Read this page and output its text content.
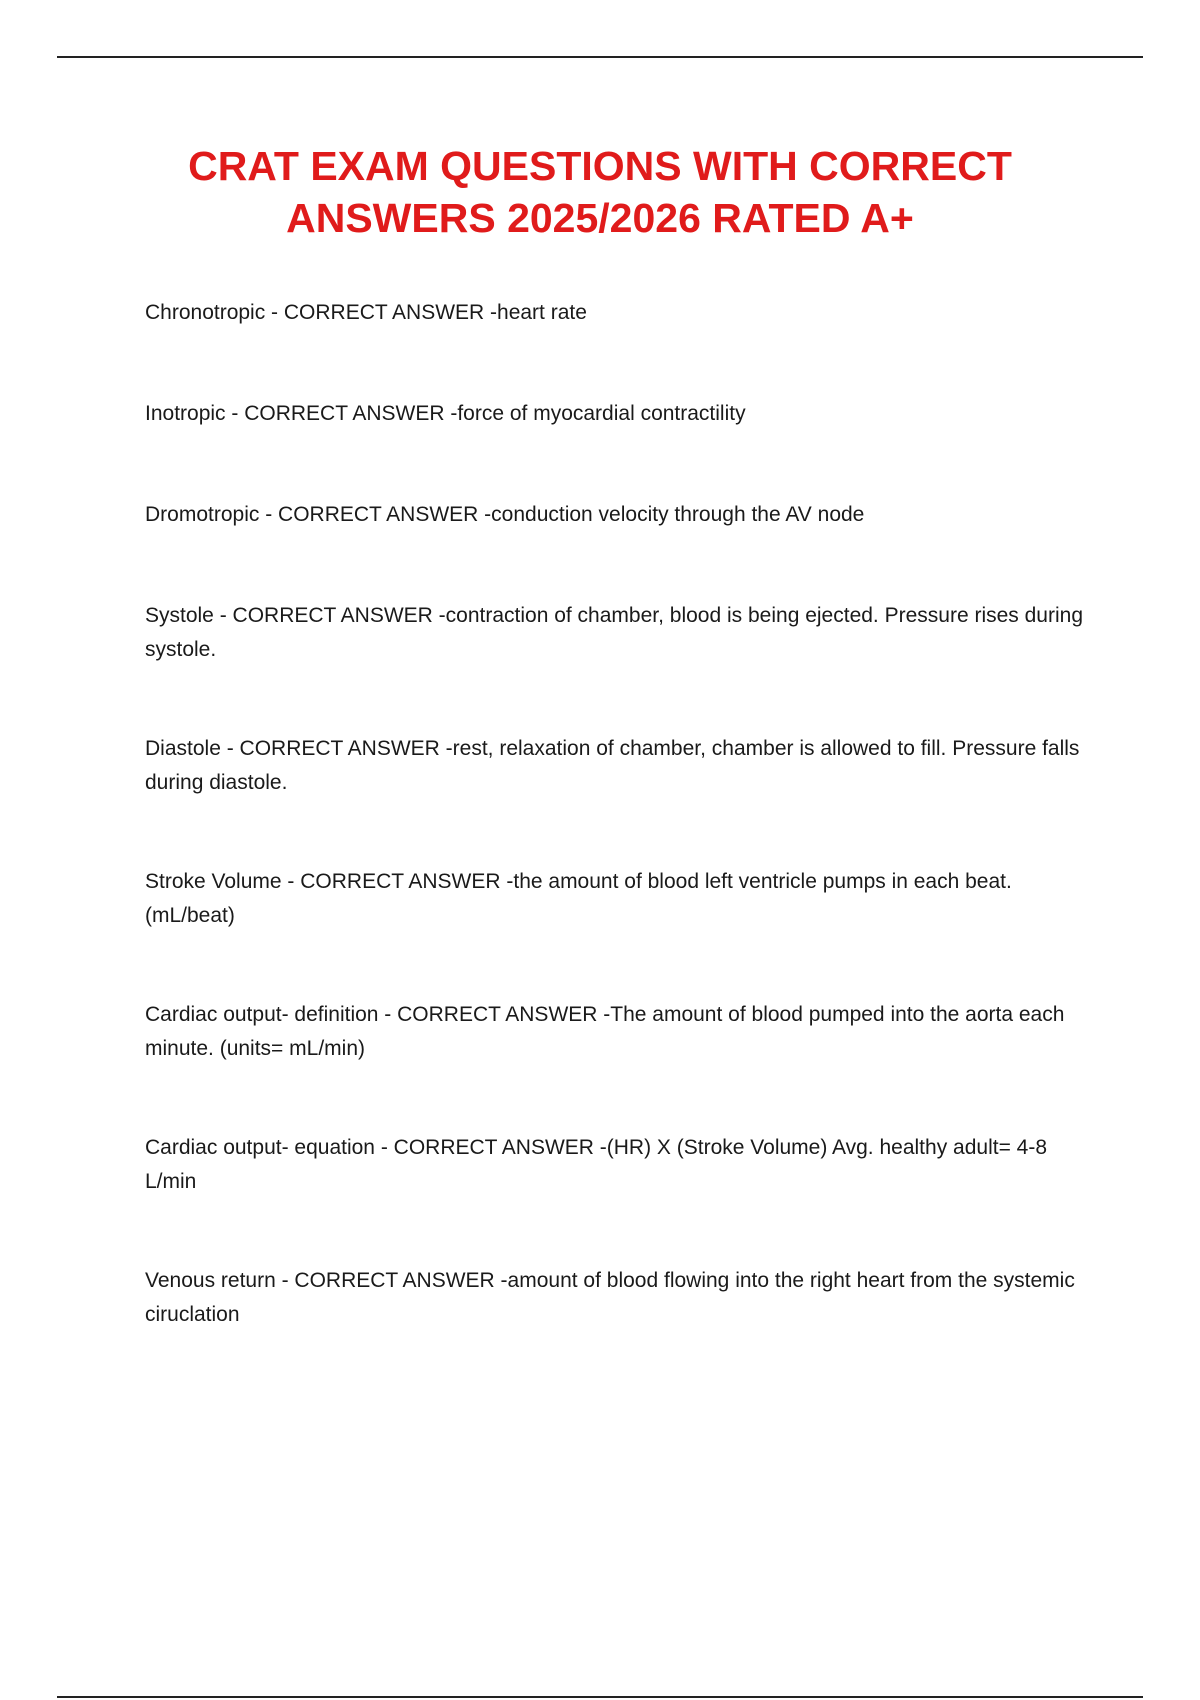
CRAT EXAM QUESTIONS WITH CORRECT
ANSWERS 2025/2026 RATED A+
Chronotropic - CORRECT ANSWER -heart rate
Inotropic - CORRECT ANSWER -force of myocardial contractility
Dromotropic - CORRECT ANSWER -conduction velocity through the AV node
Systole - CORRECT ANSWER -contraction of chamber, blood is being ejected. Pressure rises during systole.
Diastole - CORRECT ANSWER -rest, relaxation of chamber, chamber is allowed to fill. Pressure falls during diastole.
Stroke Volume - CORRECT ANSWER -the amount of blood left ventricle pumps in each beat. (mL/beat)
Cardiac output- definition - CORRECT ANSWER -The amount of blood pumped into the aorta each minute. (units= mL/min)
Cardiac output- equation - CORRECT ANSWER -(HR) X (Stroke Volume) Avg. healthy adult= 4-8 L/min
Venous return - CORRECT ANSWER -amount of blood flowing into the right heart from the systemic ciruclation
